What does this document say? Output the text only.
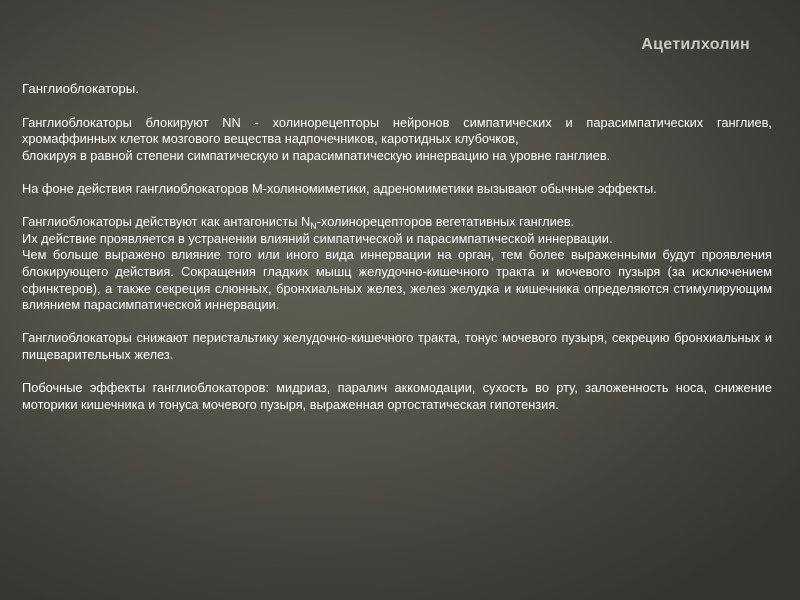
Ацетилхолин
Ганглиоблокаторы.
Ганглиоблокаторы блокируют NN - холинорецепторы нейронов симпатических и парасимпатических ганглиев, хромаффинных клеток мозгового вещества надпочечников, каротидных клубочков,
блокируя в равной степени симпатическую и парасимпатическую иннервацию на уровне ганглиев.
На фоне действия ганглиоблокаторов М-холиномиметики, адреномиметики вызывают обычные эффекты.
Ганглиоблокаторы действуют как антагонисты $N_N$-холинорецепторов вегетативных ганглиев.
Их действие проявляется в устранении влияний симпатической и парасимпатической иннервации.
Чем больше выражено влияние того или иного вида иннервации на орган, тем более выраженными будут проявления блокирующего действия. Сокращения гладких мышц желудочно-кишечного тракта и мочевого пузыря (за исключением сфинктеров), а также секреция слюнных, бронхиальных желез, желез желудка и кишечника определяются стимулирующим влиянием парасимпатической иннервации.
Ганглиоблокаторы снижают перистальтику желудочно-кишечного тракта, тонус мочевого пузыря, секрецию бронхиальных и пищеварительных желез.
Побочные эффекты ганглиоблокаторов: мидриаз, паралич аккомодации, сухость во рту, заложенность носа, снижение моторики кишечника и тонуса мочевого пузыря, выраженная ортостатическая гипотензия.
